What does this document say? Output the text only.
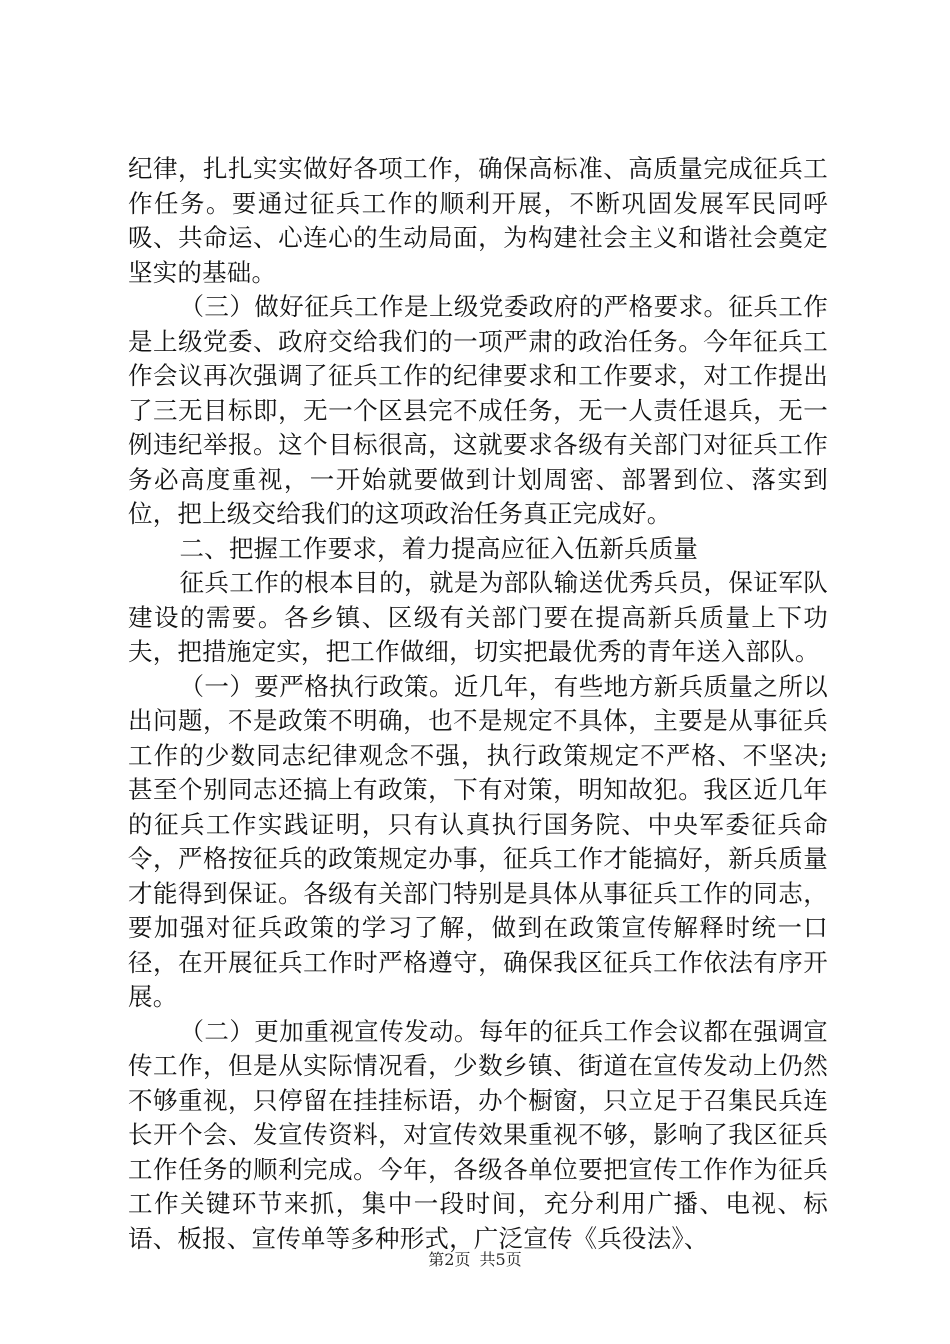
纪律，扎扎实实做好各项工作，确保高标准、高质量完成征兵工作任务。要通过征兵工作的顺利开展，不断巩固发展军民同呼吸、共命运、心连心的生动局面，为构建社会主义和谐社会奠定坚实的基础。

（三）做好征兵工作是上级党委政府的严格要求。征兵工作是上级党委、政府交给我们的一项严肃的政治任务。今年征兵工作会议再次强调了征兵工作的纪律要求和工作要求，对工作提出了三无目标即，无一个区县完不成任务，无一人责任退兵，无一例违纪举报。这个目标很高，这就要求各级有关部门对征兵工作务必高度重视，一开始就要做到计划周密、部署到位、落实到位，把上级交给我们的这项政治任务真正完成好。

二、把握工作要求，着力提高应征入伍新兵质量

征兵工作的根本目的，就是为部队输送优秀兵员，保证军队建设的需要。各乡镇、区级有关部门要在提高新兵质量上下功夫，把措施定实，把工作做细，切实把最优秀的青年送入部队。

（一）要严格执行政策。近几年，有些地方新兵质量之所以出问题，不是政策不明确，也不是规定不具体，主要是从事征兵工作的少数同志纪律观念不强，执行政策规定不严格、不坚决;甚至个别同志还搞上有政策，下有对策，明知故犯。我区近几年的征兵工作实践证明，只有认真执行国务院、中央军委征兵命令，严格按征兵的政策规定办事，征兵工作才能搞好，新兵质量才能得到保证。各级有关部门特别是具体从事征兵工作的同志，要加强对征兵政策的学习了解，做到在政策宣传解释时统一口径，在开展征兵工作时严格遵守，确保我区征兵工作依法有序开展。

（二）更加重视宣传发动。每年的征兵工作会议都在强调宣传工作，但是从实际情况看，少数乡镇、街道在宣传发动上仍然不够重视，只停留在挂挂标语，办个橱窗，只立足于召集民兵连长开个会、发宣传资料，对宣传效果重视不够，影响了我区征兵工作任务的顺利完成。今年，各级各单位要把宣传工作作为征兵工作关键环节来抓，集中一段时间，充分利用广播、电视、标语、板报、宣传单等多种形式，广泛宣传《兵役法》、

第2页 共5页
